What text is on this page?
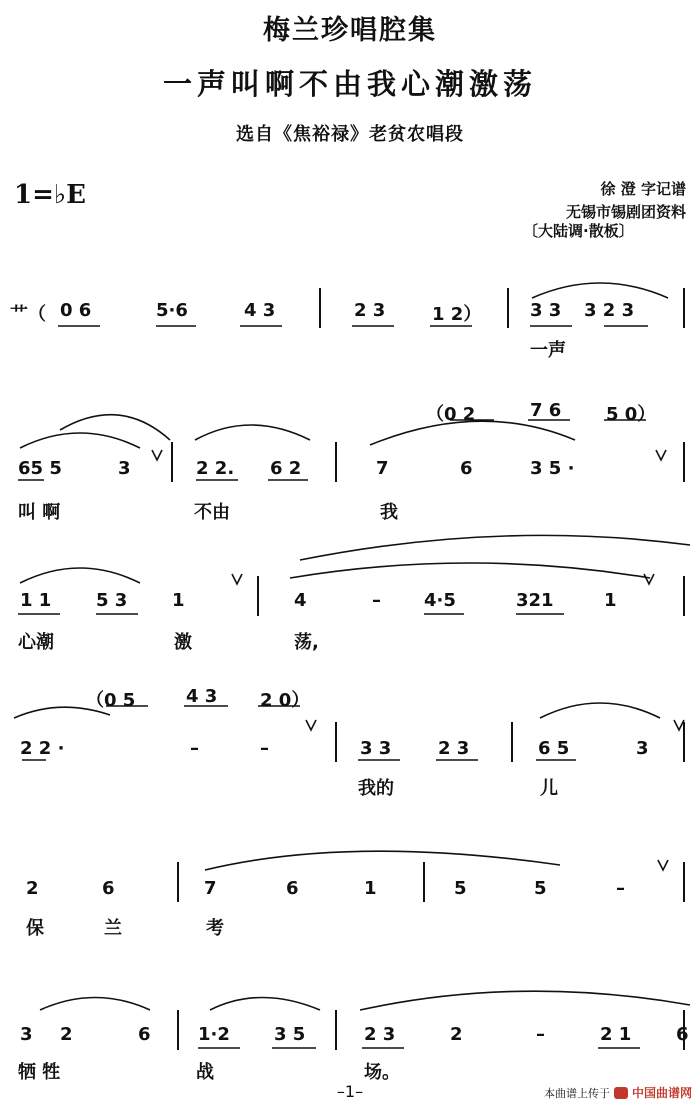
梅兰珍唱腔集
一声叫啊不由我心潮激荡
选自《焦裕禄》老贫农唱段
1=♭E	徐 澄 字记谱
无锡市锡剧团资料
〔大陆调·散板〕
艹（ 0 6	5·6	4 3	2 3	1 2）	3 3 3 2 3
一声
（0 2	7 6 5 0）
65 5	3	2 2. 6 2	7	6	3 5 ·
叫 啊	不由	我
1 1 5 3 1	4	– 4·5	321	1
心潮	激	荡,
（0 5	4 3 2 0）
2 2 ·	–	–	3 3	2 3	6 5	3
我的	儿
2	6	7	6	1	5	5	–
保	兰	考
3 2	6	1·2 3 5	2 3	2	–	2 1 6
牺 牲	战	场。
–1–	本曲谱上传于 中国曲谱网
